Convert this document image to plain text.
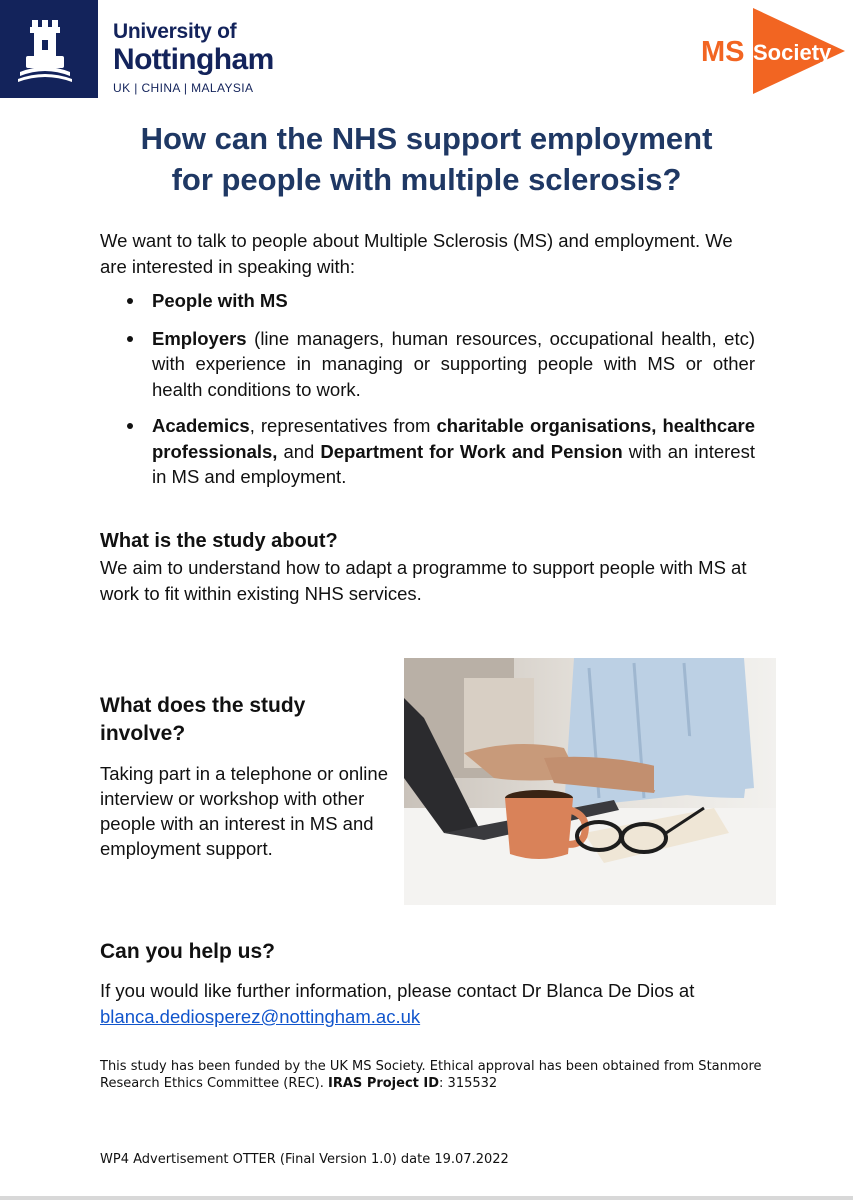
University of
Nottingham
UK | CHINA | MALAYSIA
MS Society
How can the NHS support employment
for people with multiple sclerosis?
We want to talk to people about Multiple Sclerosis (MS) and employment. We are interested in speaking with:
People with MS
Employers (line managers, human resources, occupational health, etc) with experience in managing or supporting people with MS or other health conditions to work.
Academics, representatives from charitable organisations, healthcare professionals, and Department for Work and Pension with an interest in MS and employment.
What is the study about?
We aim to understand how to adapt a programme to support people with MS at work to fit within existing NHS services.
What does the study involve?
Taking part in a telephone or online interview or workshop with other people with an interest in MS and employment support.
Can you help us?
If you would like further information, please contact Dr Blanca De Dios at
blanca.dediosperez@nottingham.ac.uk
This study has been funded by the UK MS Society. Ethical approval has been obtained from Stanmore Research Ethics Committee (REC). IRAS Project ID: 315532
WP4 Advertisement OTTER (Final Version 1.0) date 19.07.2022
